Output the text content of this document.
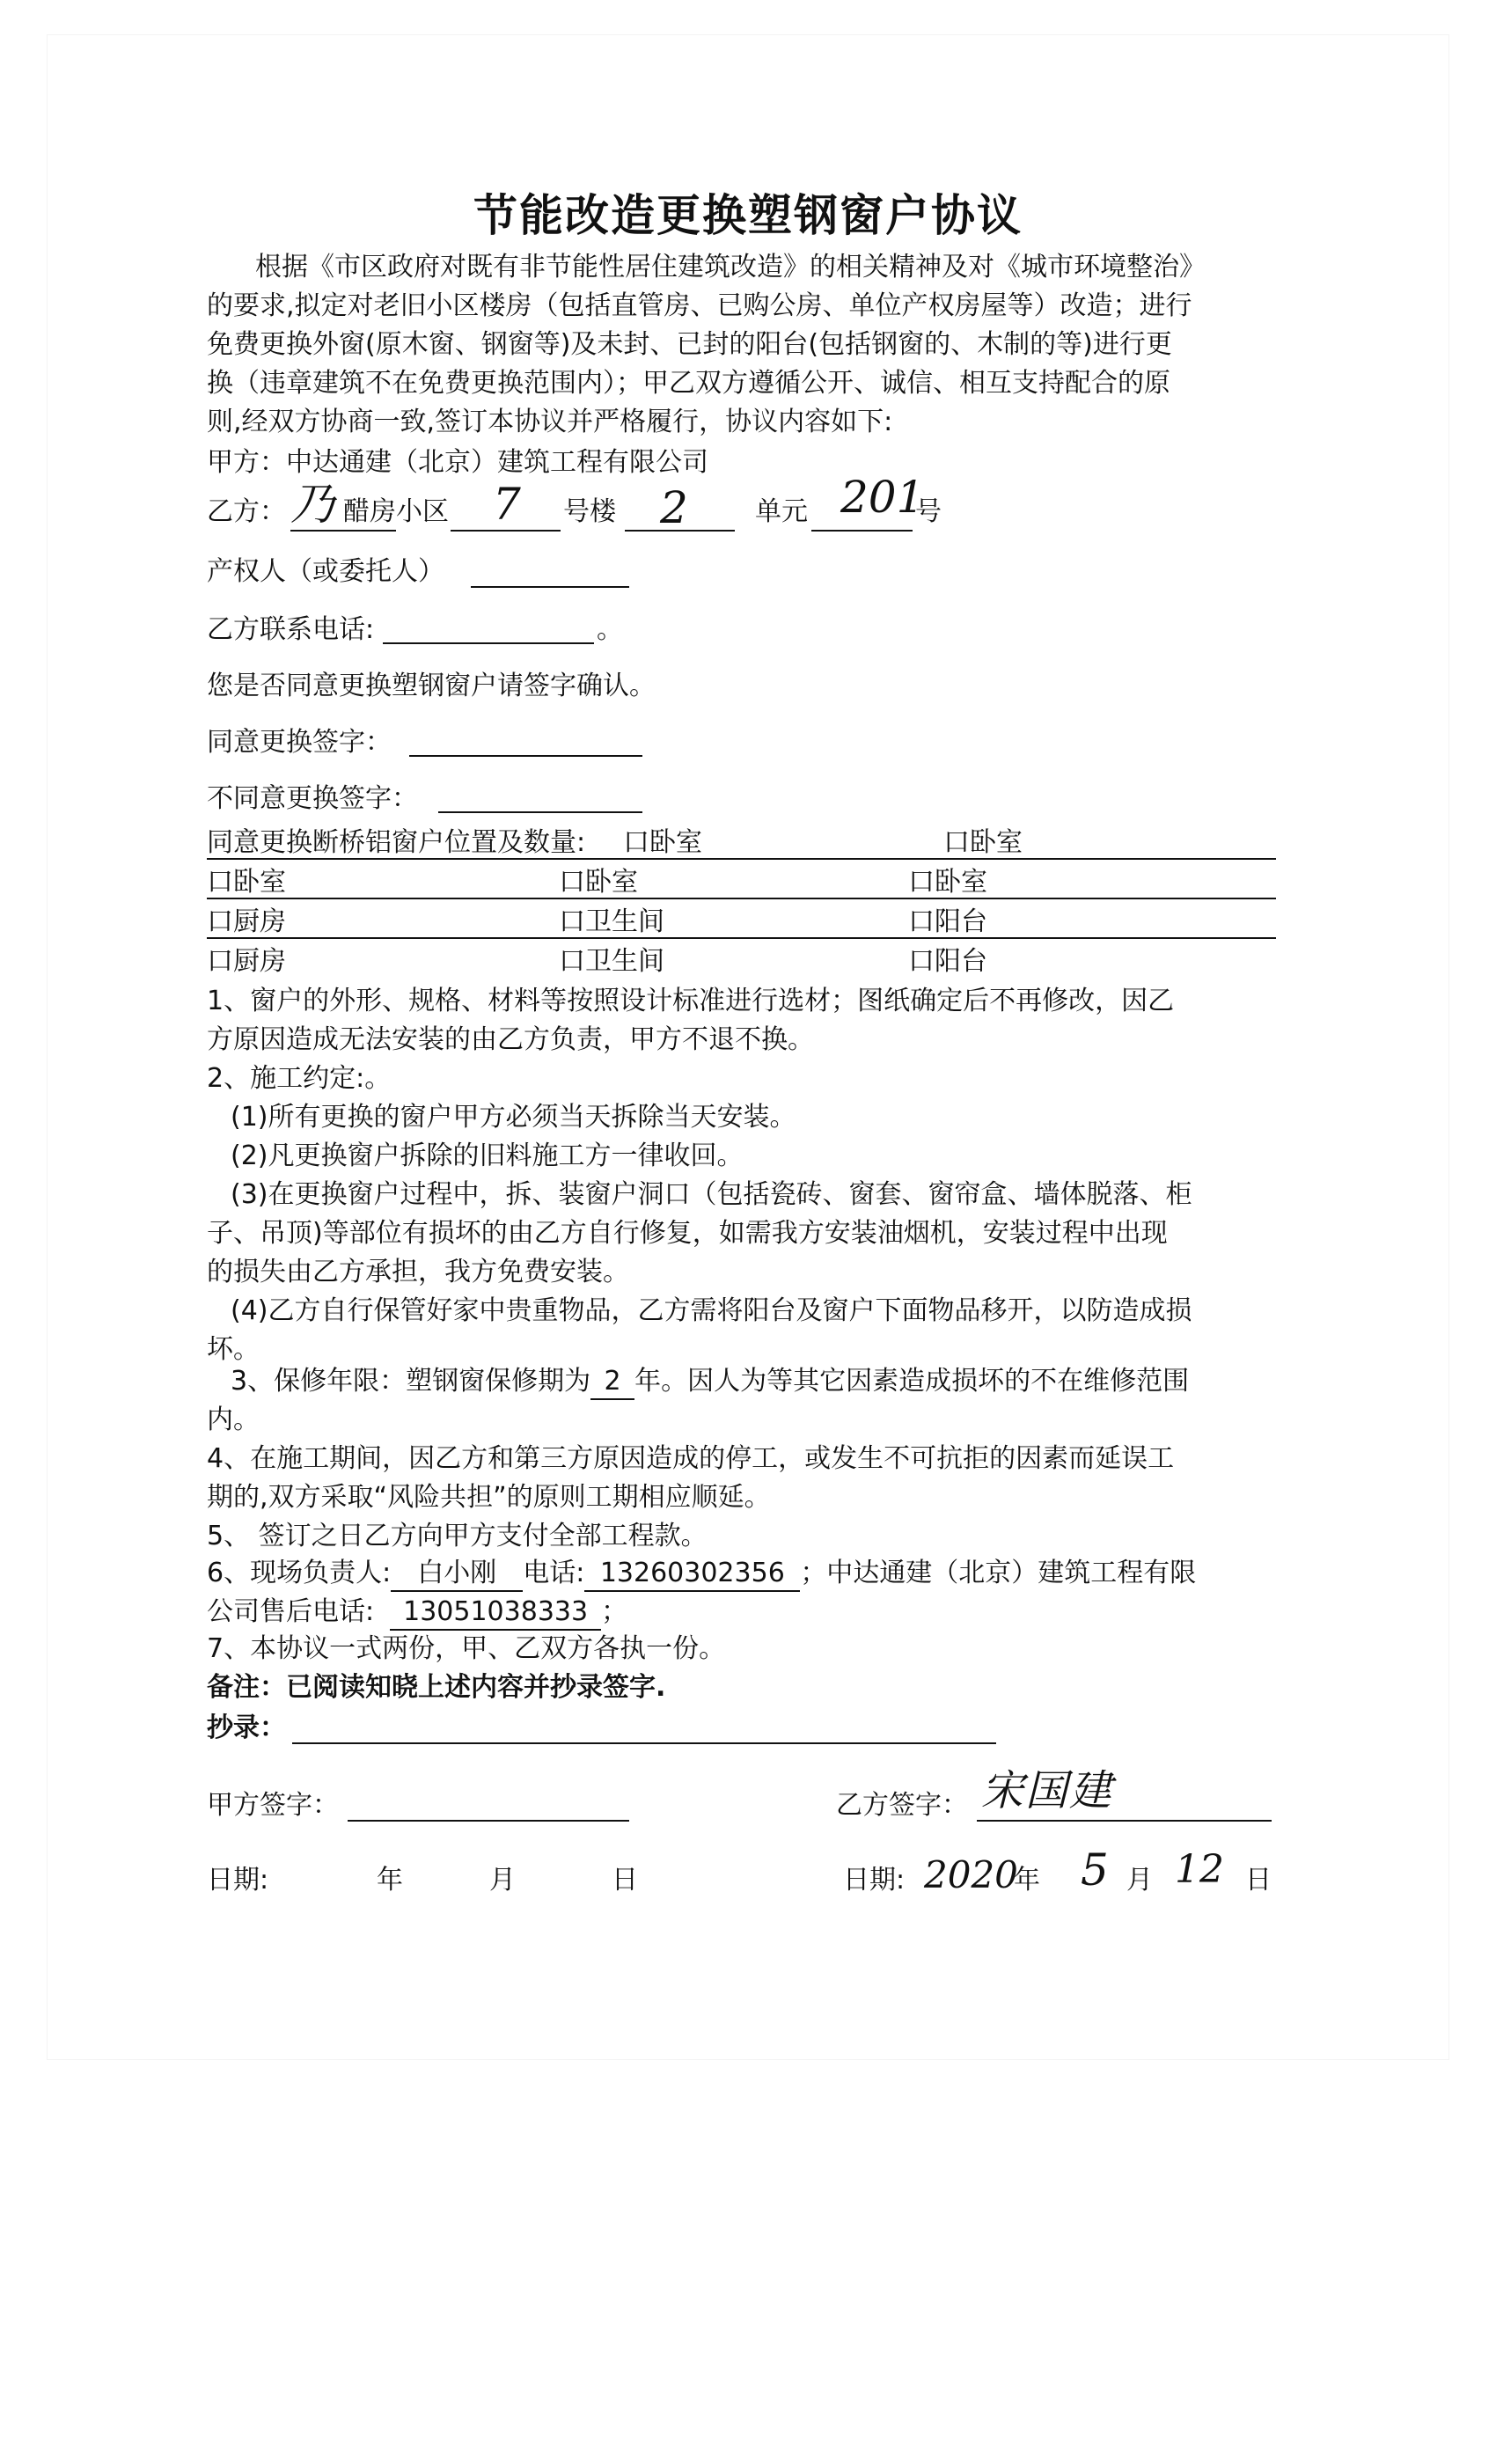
节能改造更换塑钢窗户协议
根据《市区政府对既有非节能性居住建筑改造》的相关精神及对《城市环境整治》
的要求,拟定对老旧小区楼房（包括直管房、已购公房、单位产权房屋等）改造；进行
免费更换外窗(原木窗、钢窗等)及未封、已封的阳台(包括钢窗的、木制的等)进行更
换（违章建筑不在免费更换范围内）；甲乙双方遵循公开、诚信、相互支持配合的原
则,经双方协商一致,签订本协议并严格履行，协议内容如下:
甲方：中达通建（北京）建筑工程有限公司
乙方： 乃 醋房小区 7 号楼 2	单元 201
号
产权人（或委托人）
乙方联系电话:	。
您是否同意更换塑钢窗户请签字确认。
同意更换签字：
不同意更换签字：
同意更换断桥铝窗户位置及数量: 口卧室	口卧室
口卧室	口卧室	口卧室
口厨房	口卫生间	口阳台
口厨房	口卫生间	口阳台
1、窗户的外形、规格、材料等按照设计标准进行选材；图纸确定后不再修改，因乙
方原因造成无法安装的由乙方负责，甲方不退不换。
2、施工约定:。
(1)所有更换的窗户甲方必须当天拆除当天安装。
(2)凡更换窗户拆除的旧料施工方一律收回。
(3)在更换窗户过程中，拆、装窗户洞口（包括瓷砖、窗套、窗帘盒、墙体脱落、柜
子、吊顶)等部位有损坏的由乙方自行修复，如需我方安装油烟机，安装过程中出现
的损失由乙方承担，我方免费安装。
(4)乙方自行保管好家中贵重物品，乙方需将阳台及窗户下面物品移开，以防造成损
坏。
3、保修年限：塑钢窗保修期为 2 年。因人为等其它因素造成损坏的不在维修范围
内。
4、在施工期间，因乙方和第三方原因造成的停工，或发生不可抗拒的因素而延误工
期的,双方采取“风险共担”的原则工期相应顺延。
5、 签订之日乙方向甲方支付全部工程款。
6、现场负责人: 白小刚 电话: 13260302356 ；中达通建（北京）建筑工程有限
公司售后电话: 13051038333 ；
7、本协议一式两份，甲、乙双方各执一份。
备注：已阅读知晓上述内容并抄录签字.
抄录：
甲方签字：	乙方签字： 宋国建
日期:	年	月	日	日期: 2020
年 5 月 12 日
